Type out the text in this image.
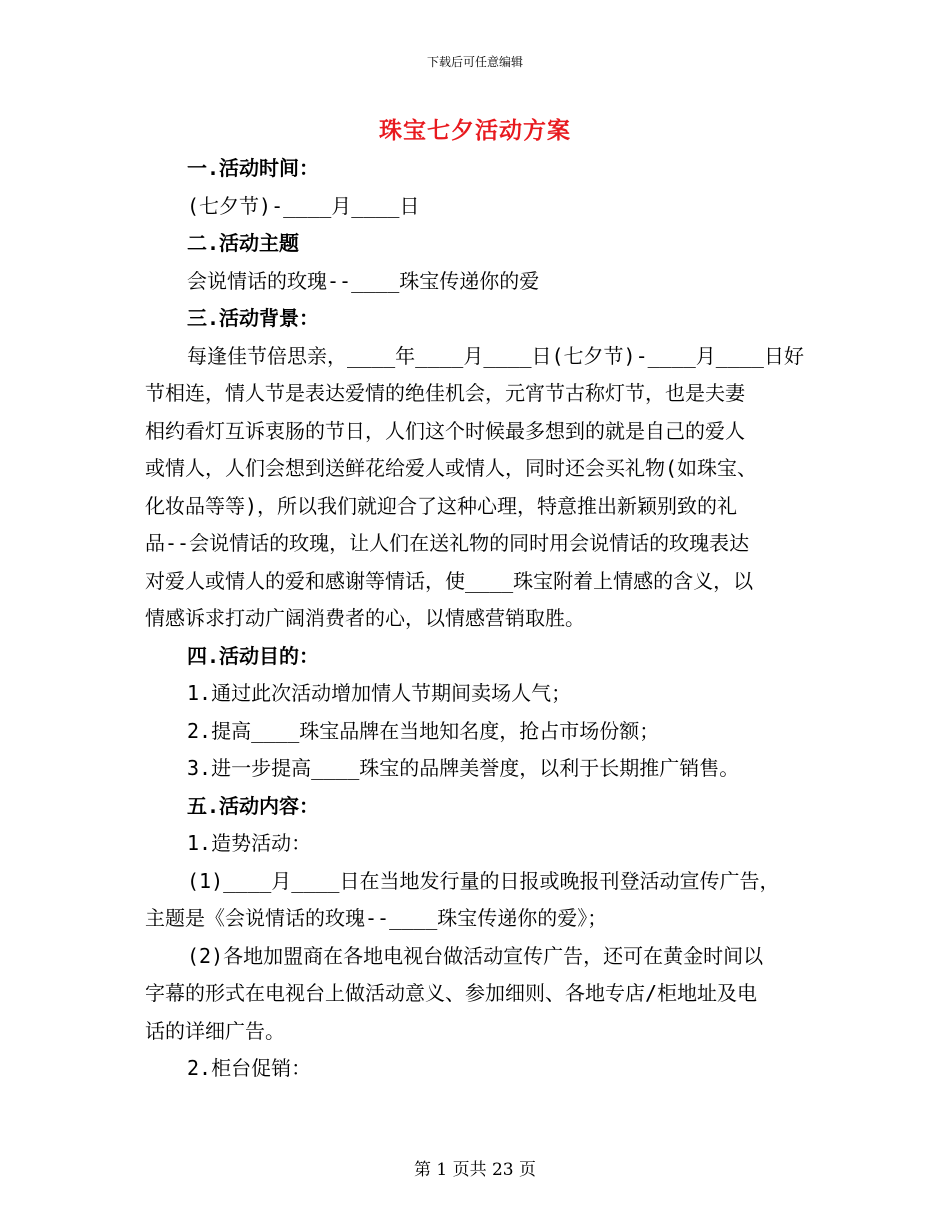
下载后可任意编辑
珠宝七夕活动方案
一.活动时间：
(七夕节)-____月____日
二.活动主题
会说情话的玫瑰--____珠宝传递你的爱
三.活动背景：
每逢佳节倍思亲，____年____月____日(七夕节)-____月____日好
节相连，情人节是表达爱情的绝佳机会，元宵节古称灯节，也是夫妻
相约看灯互诉衷肠的节日，人们这个时候最多想到的就是自己的爱人
或情人，人们会想到送鲜花给爱人或情人，同时还会买礼物(如珠宝、
化妆品等等)，所以我们就迎合了这种心理，特意推出新颖别致的礼
品--会说情话的玫瑰，让人们在送礼物的同时用会说情话的玫瑰表达
对爱人或情人的爱和感谢等情话，使____珠宝附着上情感的含义，以
情感诉求打动广阔消费者的心，以情感营销取胜。
四.活动目的：
1.通过此次活动增加情人节期间卖场人气；
2.提高____珠宝品牌在当地知名度，抢占市场份额；
3.进一步提高____珠宝的品牌美誉度，以利于长期推广销售。
五.活动内容：
1.造势活动：
(1)____月____日在当地发行量的日报或晚报刊登活动宣传广告，
主题是《会说情话的玫瑰--____珠宝传递你的爱》；
(2)各地加盟商在各地电视台做活动宣传广告，还可在黄金时间以
字幕的形式在电视台上做活动意义、参加细则、各地专店/柜地址及电
话的详细广告。
2.柜台促销：
第 1 页共 23 页
